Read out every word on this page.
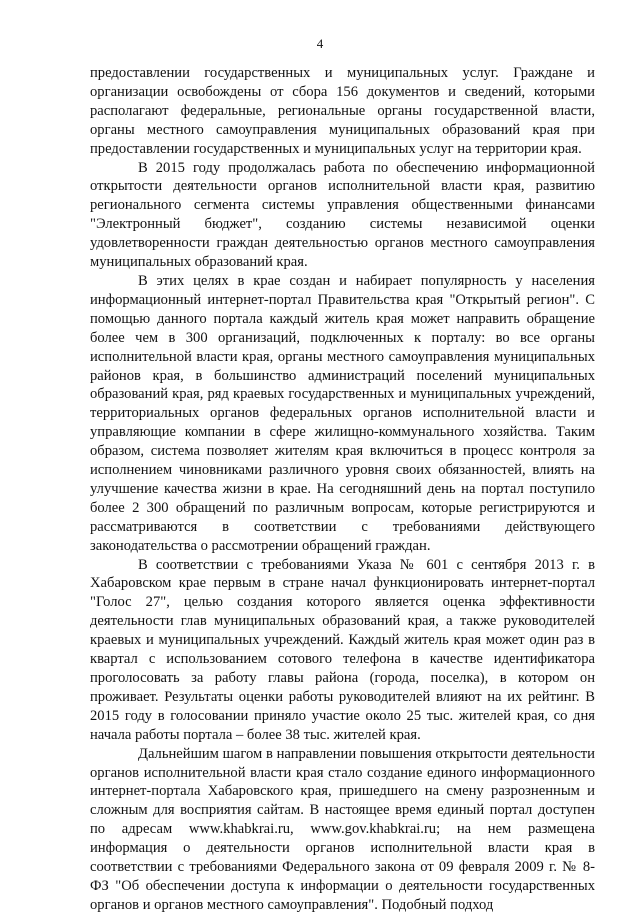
4

предоставлении государственных и муниципальных услуг. Граждане и организации освобождены от сбора 156 документов и сведений, которыми располагают федеральные, региональные органы государственной власти, органы местного самоуправления муниципальных образований края при предоставлении государственных и муниципальных услуг на территории края.

В 2015 году продолжалась работа по обеспечению информационной открытости деятельности органов исполнительной власти края, развитию регионального сегмента системы управления общественными финансами "Электронный бюджет", созданию системы независимой оценки удовлетворенности граждан деятельностью органов местного самоуправления муниципальных образований края.

В этих целях в крае создан и набирает популярность у населения информационный интернет-портал Правительства края "Открытый регион". С помощью данного портала каждый житель края может направить обращение более чем в 300 организаций, подключенных к порталу: во все органы исполнительной власти края, органы местного самоуправления муниципальных районов края, в большинство администраций поселений муниципальных образований края, ряд краевых государственных и муниципальных учреждений, территориальных органов федеральных органов исполнительной власти и управляющие компании в сфере жилищно-коммунального хозяйства. Таким образом, система позволяет жителям края включиться в процесс контроля за исполнением чиновниками различного уровня своих обязанностей, влиять на улучшение качества жизни в крае. На сегодняшний день на портал поступило более 2 300 обращений по различным вопросам, которые регистрируются и рассматриваются в соответствии с требованиями действующего законодательства о рассмотрении обращений граждан.

В соответствии с требованиями Указа № 601 с сентября 2013 г. в Хабаровском крае первым в стране начал функционировать интернет-портал "Голос 27", целью создания которого является оценка эффективности деятельности глав муниципальных образований края, а также руководителей краевых и муниципальных учреждений. Каждый житель края может один раз в квартал с использованием сотового телефона в качестве идентификатора проголосовать за работу главы района (города, поселка), в котором он проживает. Результаты оценки работы руководителей влияют на их рейтинг. В 2015 году в голосовании приняло участие около 25 тыс. жителей края, со дня начала работы портала – более 38 тыс. жителей края.

Дальнейшим шагом в направлении повышения открытости деятельности органов исполнительной власти края стало создание единого информационного интернет-портала Хабаровского края, пришедшего на смену разрозненным и сложным для восприятия сайтам. В настоящее время единый портал доступен по адресам www.khabkrai.ru, www.gov.khabkrai.ru; на нем размещена информация о деятельности органов исполнительной власти края в соответствии с требованиями Федерального закона от 09 февраля 2009 г. № 8-ФЗ "Об обеспечении доступа к информации о деятельности государственных органов и органов местного самоуправления". Подобный подход
